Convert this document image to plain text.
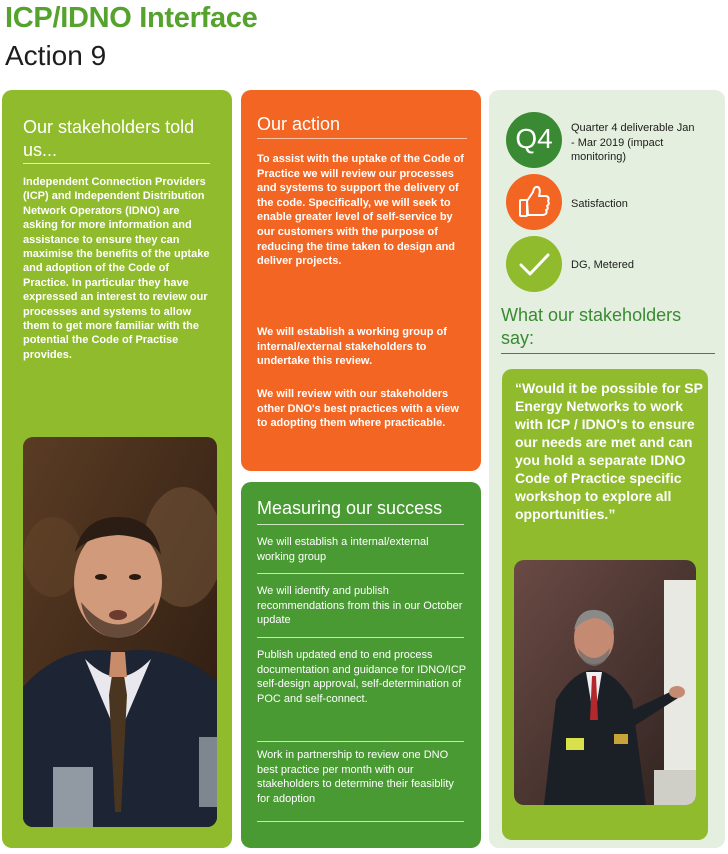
ICP/IDNO Interface
Action 9
Our stakeholders told us...
Independent Connection Providers (ICP) and Independent Distribution Network Operators (IDNO) are asking for more information and assistance to ensure they can maximise the benefits of the uptake and adoption of the Code of Practice. In particular they have expressed an interest to review our processes and systems to allow them to get more familiar with the potential the Code of Practise provides.
Our action
To assist with the uptake of the Code of Practice we will review our processes and systems to support the delivery of the code. Specifically, we will seek to enable greater level of self-service by our customers with the purpose of reducing the time taken to design and deliver projects.
We will establish a working group of internal/external stakeholders to undertake this review.
We will review with our stakeholders other DNO's best practices with a view to adopting them where practicable.
Measuring our success
We will establish a internal/external working group
We will identify and publish recommendations from this in our October update
Publish updated end to end process documentation and guidance for IDNO/ICP self-design approval, self-determination of POC and self-connect.
Work in partnership to review one DNO best practice per month with our stakeholders to determine their feasiblity for adoption
Q4	Quarter 4 deliverable Jan - Mar 2019 (impact monitoring)
Satisfaction
DG, Metered
What our stakeholders say:
“Would it be possible for SP Energy Networks to work with ICP / IDNO's to ensure our needs are met and can you hold a separate IDNO Code of Practice specific workshop to explore all opportunities.”
